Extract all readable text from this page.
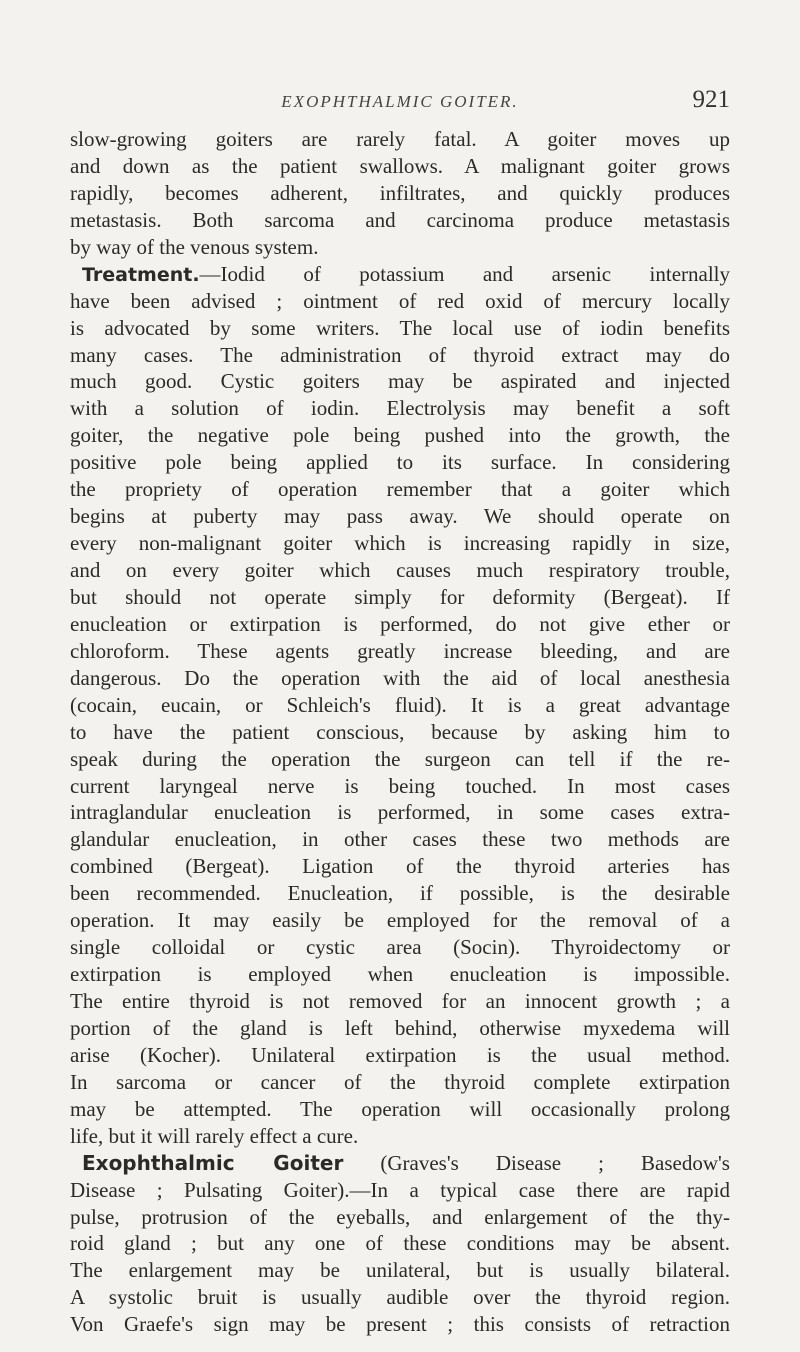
EXOPHTHALMIC GOITER.	921
slow-growing goiters are rarely fatal. A goiter moves up
and down as the patient swallows. A malignant goiter grows
rapidly, becomes adherent, infiltrates, and quickly produces
metastasis. Both sarcoma and carcinoma produce metastasis
by way of the venous system.
Treatment.—Iodid of potassium and arsenic internally
have been advised ; ointment of red oxid of mercury locally
is advocated by some writers. The local use of iodin benefits
many cases. The administration of thyroid extract may do
much good. Cystic goiters may be aspirated and injected
with a solution of iodin. Electrolysis may benefit a soft
goiter, the negative pole being pushed into the growth, the
positive pole being applied to its surface. In considering
the propriety of operation remember that a goiter which
begins at puberty may pass away. We should operate on
every non-malignant goiter which is increasing rapidly in size,
and on every goiter which causes much respiratory trouble,
but should not operate simply for deformity (Bergeat). If
enucleation or extirpation is performed, do not give ether or
chloroform. These agents greatly increase bleeding, and are
dangerous. Do the operation with the aid of local anesthesia
(cocain, eucain, or Schleich's fluid). It is a great advantage
to have the patient conscious, because by asking him to
speak during the operation the surgeon can tell if the re-
current laryngeal nerve is being touched. In most cases
intraglandular enucleation is performed, in some cases extra-
glandular enucleation, in other cases these two methods are
combined (Bergeat). Ligation of the thyroid arteries has
been recommended. Enucleation, if possible, is the desirable
operation. It may easily be employed for the removal of a
single colloidal or cystic area (Socin). Thyroidectomy or
extirpation is employed when enucleation is impossible.
The entire thyroid is not removed for an innocent growth ; a
portion of the gland is left behind, otherwise myxedema will
arise (Kocher). Unilateral extirpation is the usual method.
In sarcoma or cancer of the thyroid complete extirpation
may be attempted. The operation will occasionally prolong
life, but it will rarely effect a cure.
Exophthalmic Goiter (Graves's Disease ; Basedow's
Disease ; Pulsating Goiter).—In a typical case there are rapid
pulse, protrusion of the eyeballs, and enlargement of the thy-
roid gland ; but any one of these conditions may be absent.
The enlargement may be unilateral, but is usually bilateral.
A systolic bruit is usually audible over the thyroid region.
Von Graefe's sign may be present ; this consists of retraction
